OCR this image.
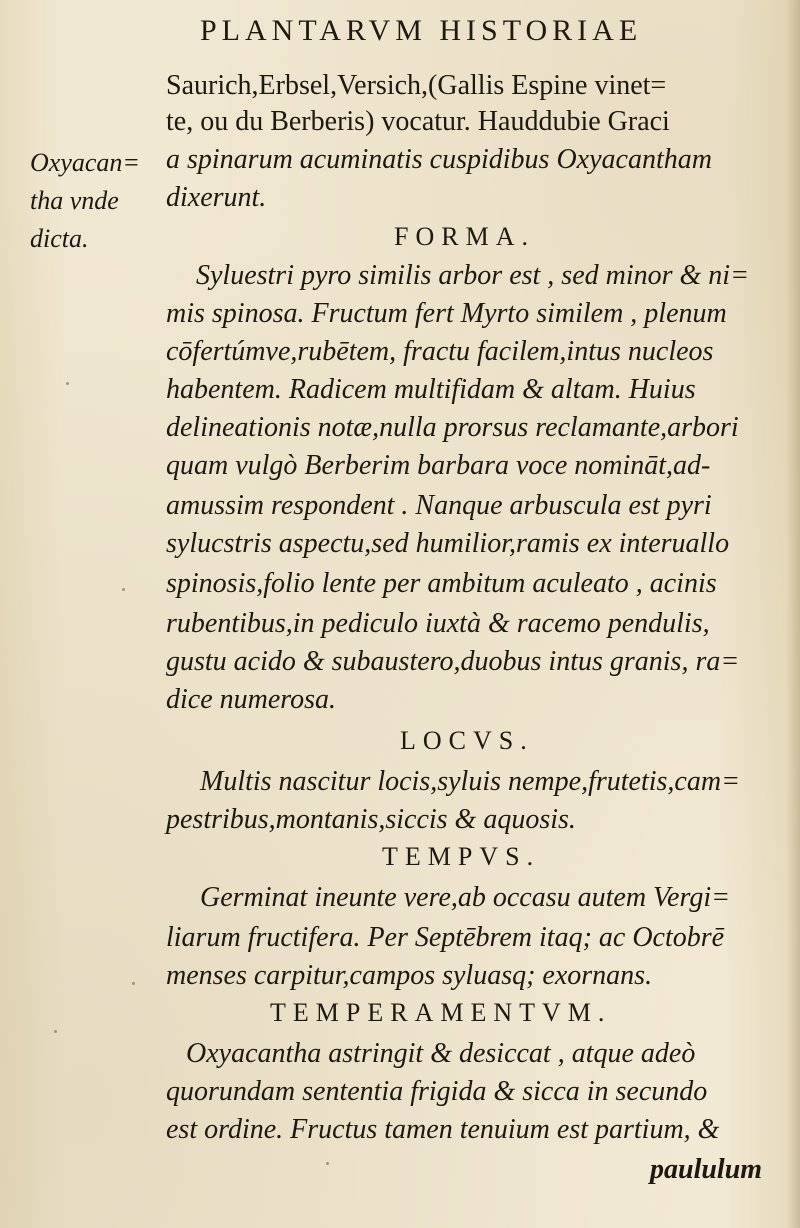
PLANTARVM HISTORIAE
Saurich,Erbsel,Versich,(Gallis Espine vinet=
te, ou du Berberis) vocatur. Hauddubie Graci
a spinarum acuminatis cuspidibus Oxyacantham
dixerunt.
Oxyacan=
tha vnde
dicta.	FORMA.
Syluestri pyro similis arbor est , sed minor & ni=
mis spinosa. Fructum fert Myrto similem , plenum
cōfertúmve,rubētem, fractu facilem,intus nucleos
habentem. Radicem multifidam & altam. Huius
delineationis notæ,nulla prorsus reclamante,arbori
quam vulgò Berberim barbara voce nomināt,ad-
amussim respondent . Nanque arbuscula est pyri
sylucstris aspectu,sed humilior,ramis ex interuallo
spinosis,folio lente per ambitum aculeato , acinis
rubentibus,in pediculo iuxtà & racemo pendulis,
gustu acido & subaustero,duobus intus granis, ra=
dice numerosa.
LOCVS.
Multis nascitur locis,syluis nempe,frutetis,cam=
pestribus,montanis,siccis & aquosis.
TEMPVS.
Germinat ineunte vere,ab occasu autem Vergi=
liarum fructifera. Per Septēbrem itaq; ac Octobrē
menses carpitur,campos syluasq; exornans.
TEMPERAMENTVM.
Oxyacantha astringit & desiccat , atque adeò
quorundam sententia frigida & sicca in secundo
est ordine. Fructus tamen tenuium est partium, &
paululum
